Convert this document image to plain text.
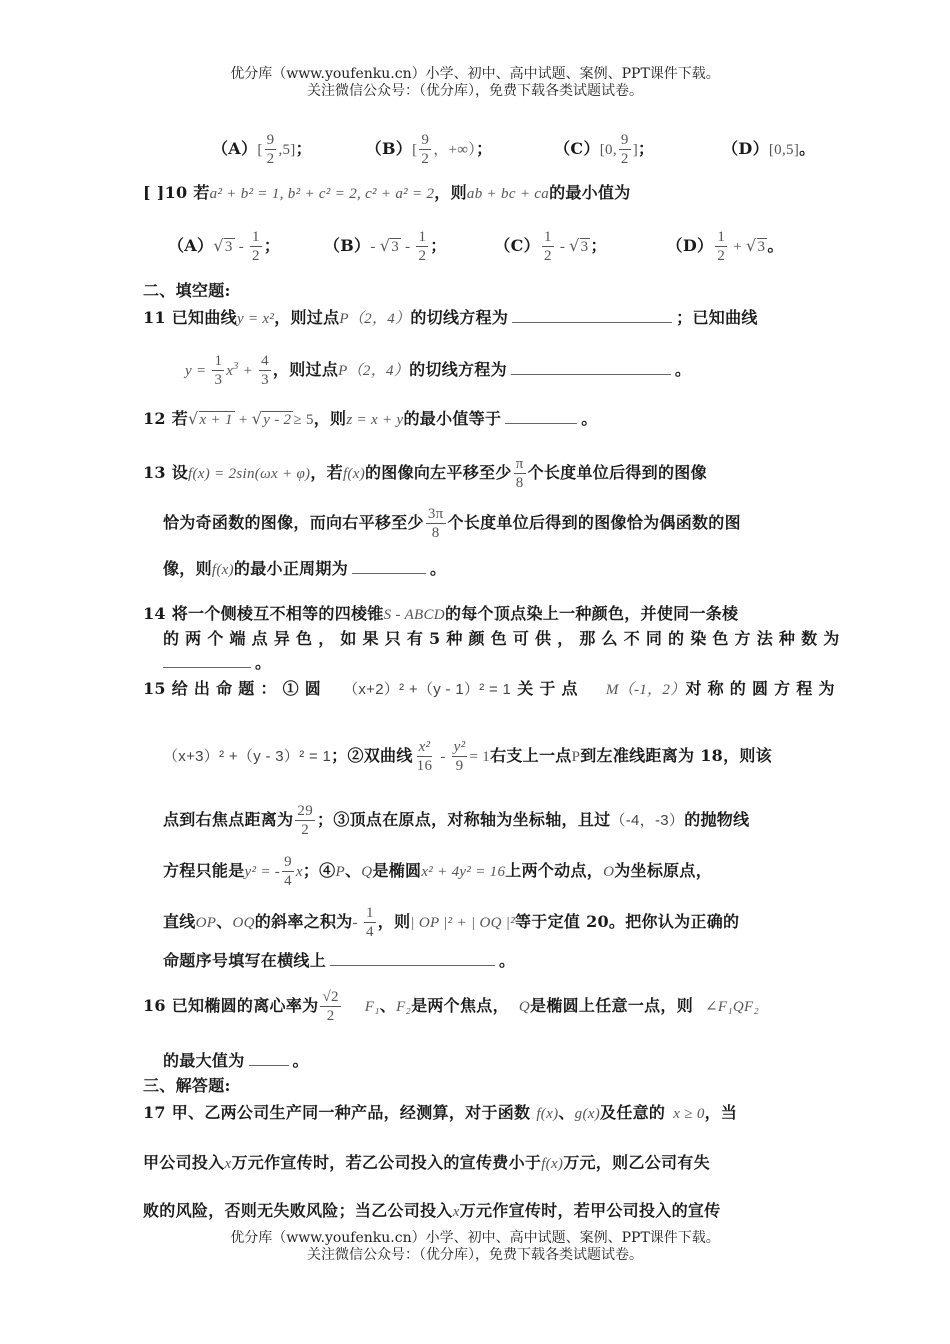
优分库（www.youfenku.cn）小学、初中、高中试题、案例、PPT课件下载。
关注微信公众号：（优分库），免费下载各类试题试卷。
$(A)[ \frac{9}{2} ,5]$；	$(B)[ \frac{9}{2}$ ，+∞）；	（C）[0, $\frac{9}{2}$ ]；	（D）[0,5]。
[ ]10 若a² + b² = 1, b² + c² = 2, c² + a² = 2，则ab + bc + ca的最小值为
$(A)√3 - \frac{1}{2}$ ；	（B）- $√3 - \frac{1}{2}$ ；	$(C) \frac{1}{2} - √3$ ；	$(D) \frac{1}{2} + √3$ 。
二、填空题:
11 已知曲线y = x²，则过点P（2，4）的切线方程为	；已知曲线
$y = \frac{1}{3} x^3 + \frac{4}{3}$ ，则过点P（2，4）的切线方程为	。
12 若√x + 1 + √y - 2 ≥ 5，则z = x + y的最小值等于	。
13 设f(x) = 2sin(ωx + φ)，若f(x)的图像向左平移至少 $\frac{\pi}{8}$ 个长度单位后得到的图像
恰为奇函数的图像，而向右平移至少 $\frac{3\pi}{8}$ 个长度单位后得到的图像恰为偶函数的图
像，则f(x)的最小正周期为	。
14 将一个侧棱互不相等的四棱锥S - ABCD的每个顶点染上一种颜色，并使同一条棱
的 两 个 端 点 异 色 ， 如 果 只 有 5 种 颜 色 可 供 ， 那 么 不 同 的 染 色 方 法 种 数 为
。
15 给 出 命 题 ： ① 圆 （x+2）² +（y - 1）² = 1 关 于 点 M（-1，2）对 称 的 圆 方 程 为
（x+3）² +（y - 3）² = 1；②双曲线 $\frac{\text{x²}}{16} - \frac{\text{y²}}{9} = 1$右支上一点P到左准线距离为 18，则该
点到右焦点距离为 $\frac{29}{2}$ ；③顶点在原点，对称轴为坐标轴，且过（-4，-3）的抛物线
方程只能是y² = - $\frac{9}{4}$ x；④P、Q是椭圆x² + 4y² = 16上两个动点，O为坐标原点，
直线OP、OQ的斜率之积为- $\frac{1}{4}$ ，则| OP |² + | OQ |²等于定值 20。把你认为正确的
命题序号填写在横线上	。
16 已知椭圆的离心率为 $\frac{√2}{2} F_1$、F₂是两个焦点， Q是椭圆上任意一点，则 ∠F₁QF₂
的最大值为	。
三、解答题:
17 甲、乙两公司生产同一种产品，经测算，对于函数 f(x)、g(x)及任意的 x ≥ 0，当
甲公司投入x万元作宣传时，若乙公司投入的宣传费小于f(x)万元，则乙公司有失
败的风险，否则无失败风险；当乙公司投入x万元作宣传时，若甲公司投入的宣传
优分库（www.youfenku.cn）小学、初中、高中试题、案例、PPT课件下载。
关注微信公众号：（优分库），免费下载各类试题试卷。
